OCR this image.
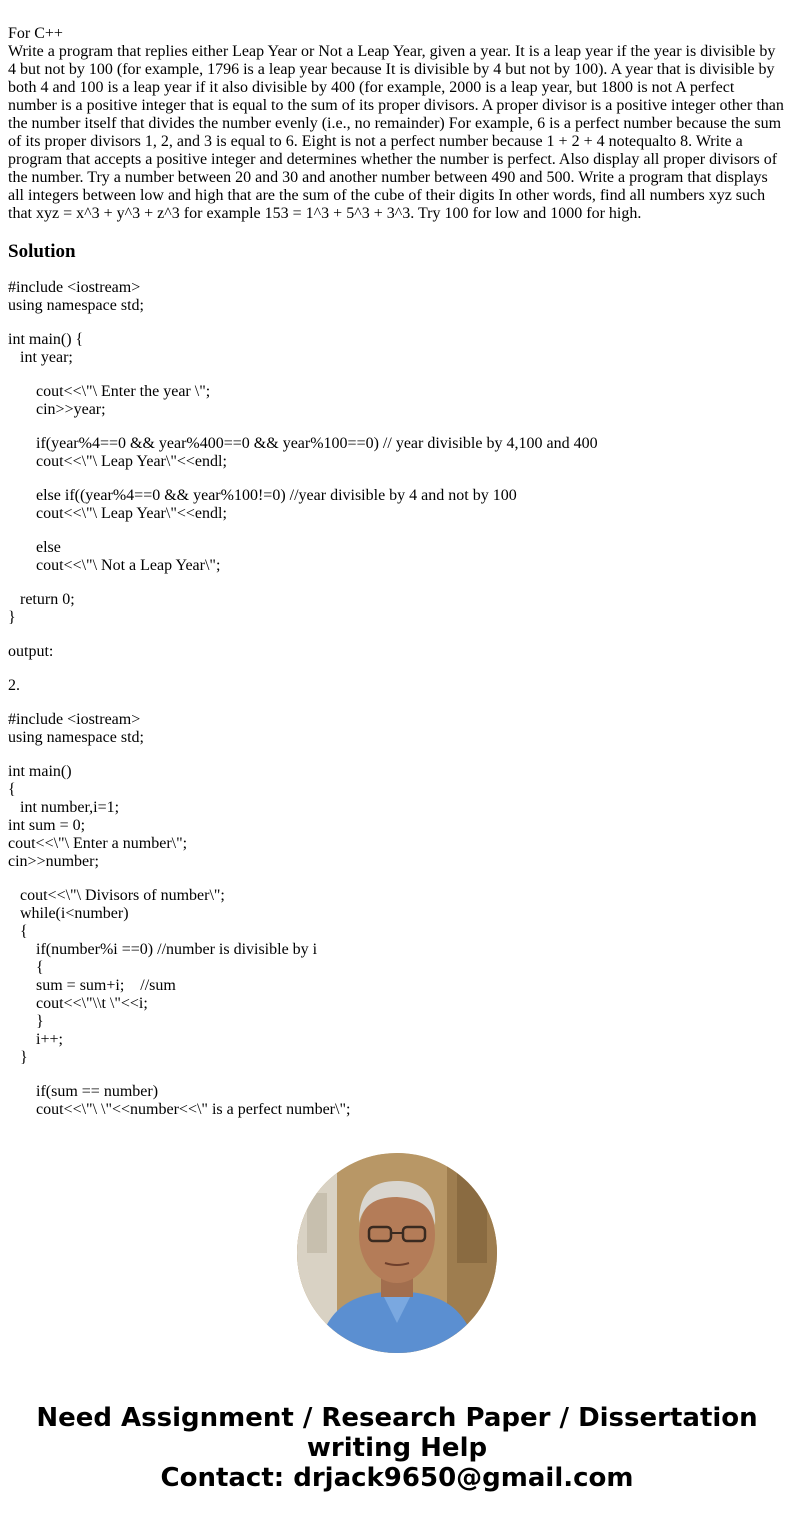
For C++
Write a program that replies either Leap Year or Not a Leap Year, given a year. It is a leap year if the year is divisible by 4 but not by 100 (for example, 1796 is a leap year because It is divisible by 4 but not by 100). A year that is divisible by both 4 and 100 is a leap year if it also divisible by 400 (for example, 2000 is a leap year, but 1800 is not A perfect number is a positive integer that is equal to the sum of its proper divisors. A proper divisor is a positive integer other than the number itself that divides the number evenly (i.e., no remainder) For example, 6 is a perfect number because the sum of its proper divisors 1, 2, and 3 is equal to 6. Eight is not a perfect number because 1 + 2 + 4 notequalto 8. Write a program that accepts a positive integer and determines whether the number is perfect. Also display all proper divisors of the number. Try a number between 20 and 30 and another number between 490 and 500. Write a program that displays all integers between low and high that are the sum of the cube of their digits In other words, find all numbers xyz such that xyz = x^3 + y^3 + z^3 for example 153 = 1^3 + 5^3 + 3^3. Try 100 for low and 1000 for high.
Solution
#include <iostream>
using namespace std;
int main() {
int year;
cout<<\"\ Enter the year \";
cin>>year;
if(year%4==0 && year%400==0 && year%100==0) // year divisible by 4,100 and 400
cout<<\"\ Leap Year\"<<endl;
else if((year%4==0 && year%100!=0) //year divisible by 4 and not by 100
cout<<\"\ Leap Year\"<<endl;
else
cout<<\"\ Not a Leap Year\";
return 0;
}
output:
2.
#include <iostream>
using namespace std;
int main()
{
int number,i=1;
int sum = 0;
cout<<\"\ Enter a number\";
cin>>number;
cout<<\"\ Divisors of number\";
while(i<number)
{
if(number%i ==0) //number is divisible by i
{
sum = sum+i;    //sum
cout<<\"\\t \"<<i;
}
i++;
}
if(sum == number)
cout<<\"\ \"<<number<<\" is a perfect number\";
Need Assignment / Research Paper / Dissertation
writing Help
Contact: drjack9650@gmail.com
